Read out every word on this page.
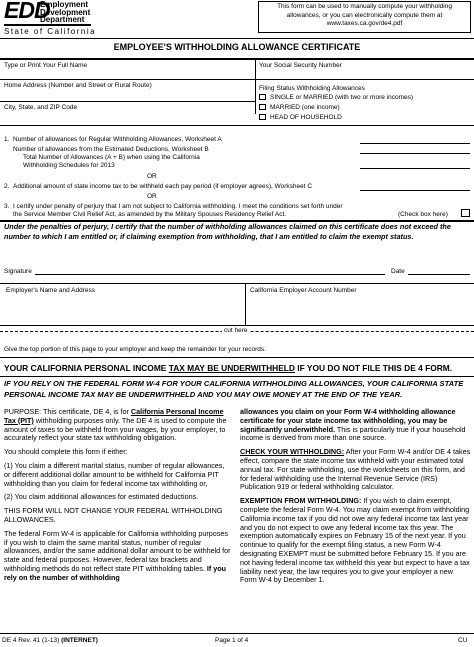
EDD
Employment
Development
Department
State of California
This form can be used to manually compute your withholding allowances, or you can electronically compute them at www.taxes.ca.gov/de4.pdf
EMPLOYEE'S WITHHOLDING ALLOWANCE CERTIFICATE
Type or Print Your Full Name	Your Social Security Number
Home Address (Number and Street or Rural Route)	Filing Status Withholding Allowances
City, State, and ZIP Code
SINGLE or MARRIED (with two or more incomes)
MARRIED (one income)
HEAD OF HOUSEHOLD
1. Number of allowances for Regular Withholding Allowances, Worksheet A
Number of allowances from the Estimated Deductions, Worksheet B
Total Number of Allowances (A + B) when using the California
Withholding Schedules for 2013
OR
2. Additional amount of state income tax to be withheld each pay period (if employer agrees), Worksheet C
OR
3. I certify under penalty of perjury that I am not subject to California withholding. I meet the conditions set forth under
the Service Member Civil Relief Act, as amended by the Military Spouses Residency Relief Act.	(Check box here)
Under the penalties of perjury, I certify that the number of withholding allowances claimed on this certificate does not exceed the number to which I am entitled or, if claiming exemption from withholding, that I am entitled to claim the exempt status.
Signature	Date
Employer's Name and Address	California Employer Account Number
cut here
Give the top portion of this page to your employer and keep the remainder for your records.
YOUR CALIFORNIA PERSONAL INCOME TAX MAY BE UNDERWITHHELD IF YOU DO NOT FILE THIS DE 4 FORM.
IF YOU RELY ON THE FEDERAL FORM W-4 FOR YOUR CALIFORNIA WITHHOLDING ALLOWANCES, YOUR CALIFORNIA STATE PERSONAL INCOME TAX MAY BE UNDERWITHHELD AND YOU MAY OWE MONEY AT THE END OF THE YEAR.

PURPOSE: This certificate, DE 4, is for California Personal Income Tax (PIT) withholding purposes only. The DE 4 is used to compute the amount of taxes to be withheld from your wages, by your employer, to accurately reflect your state tax withholding obligation.

You should complete this form if either:

(1) You claim a different marital status, number of regular allowances, or different additional dollar amount to be withheld for California PIT withholding than you claim for federal income tax withholding or,

(2) You claim additional allowances for estimated deductions.

THIS FORM WILL NOT CHANGE YOUR FEDERAL WITHHOLDING ALLOWANCES.

The federal Form W-4 is applicable for California withholding purposes if you wish to claim the same marital status, number of regular allowances, and/or the same additional dollar amount to be withheld for state and federal purposes. However, federal tax brackets and withholding methods do not reflect state PIT withholding tables. If you rely on the number of withholding

allowances you claim on your Form W-4 withholding allowance certificate for your state income tax withholding, you may be significantly underwithheld. This is particularly true if your household income is derived from more than one source.

CHECK YOUR WITHHOLDING: After your Form W-4 and/or DE 4 takes effect, compare the state income tax withheld with your estimated total annual tax. For state withholding, use the worksheets on this form, and for federal withholding use the Internal Revenue Service (IRS) Publication 919 or federal withholding calculator.

EXEMPTION FROM WITHHOLDING: If you wish to claim exempt, complete the federal Form W-4. You may claim exempt from withholding California income tax if you did not owe any federal income tax last year and you do not expect to owe any federal income tax this year. The exemption automatically expires on February 15 of the next year. If you continue to qualify for the exempt filing status, a new Form W-4 designating EXEMPT must be submitted before February 15. If you are not having federal income tax withheld this year but expect to have a tax liability next year, the law requires you to give your employer a new Form W-4 by December 1.

DE 4 Rev. 41 (1-13) (INTERNET)	Page 1 of 4	CU
